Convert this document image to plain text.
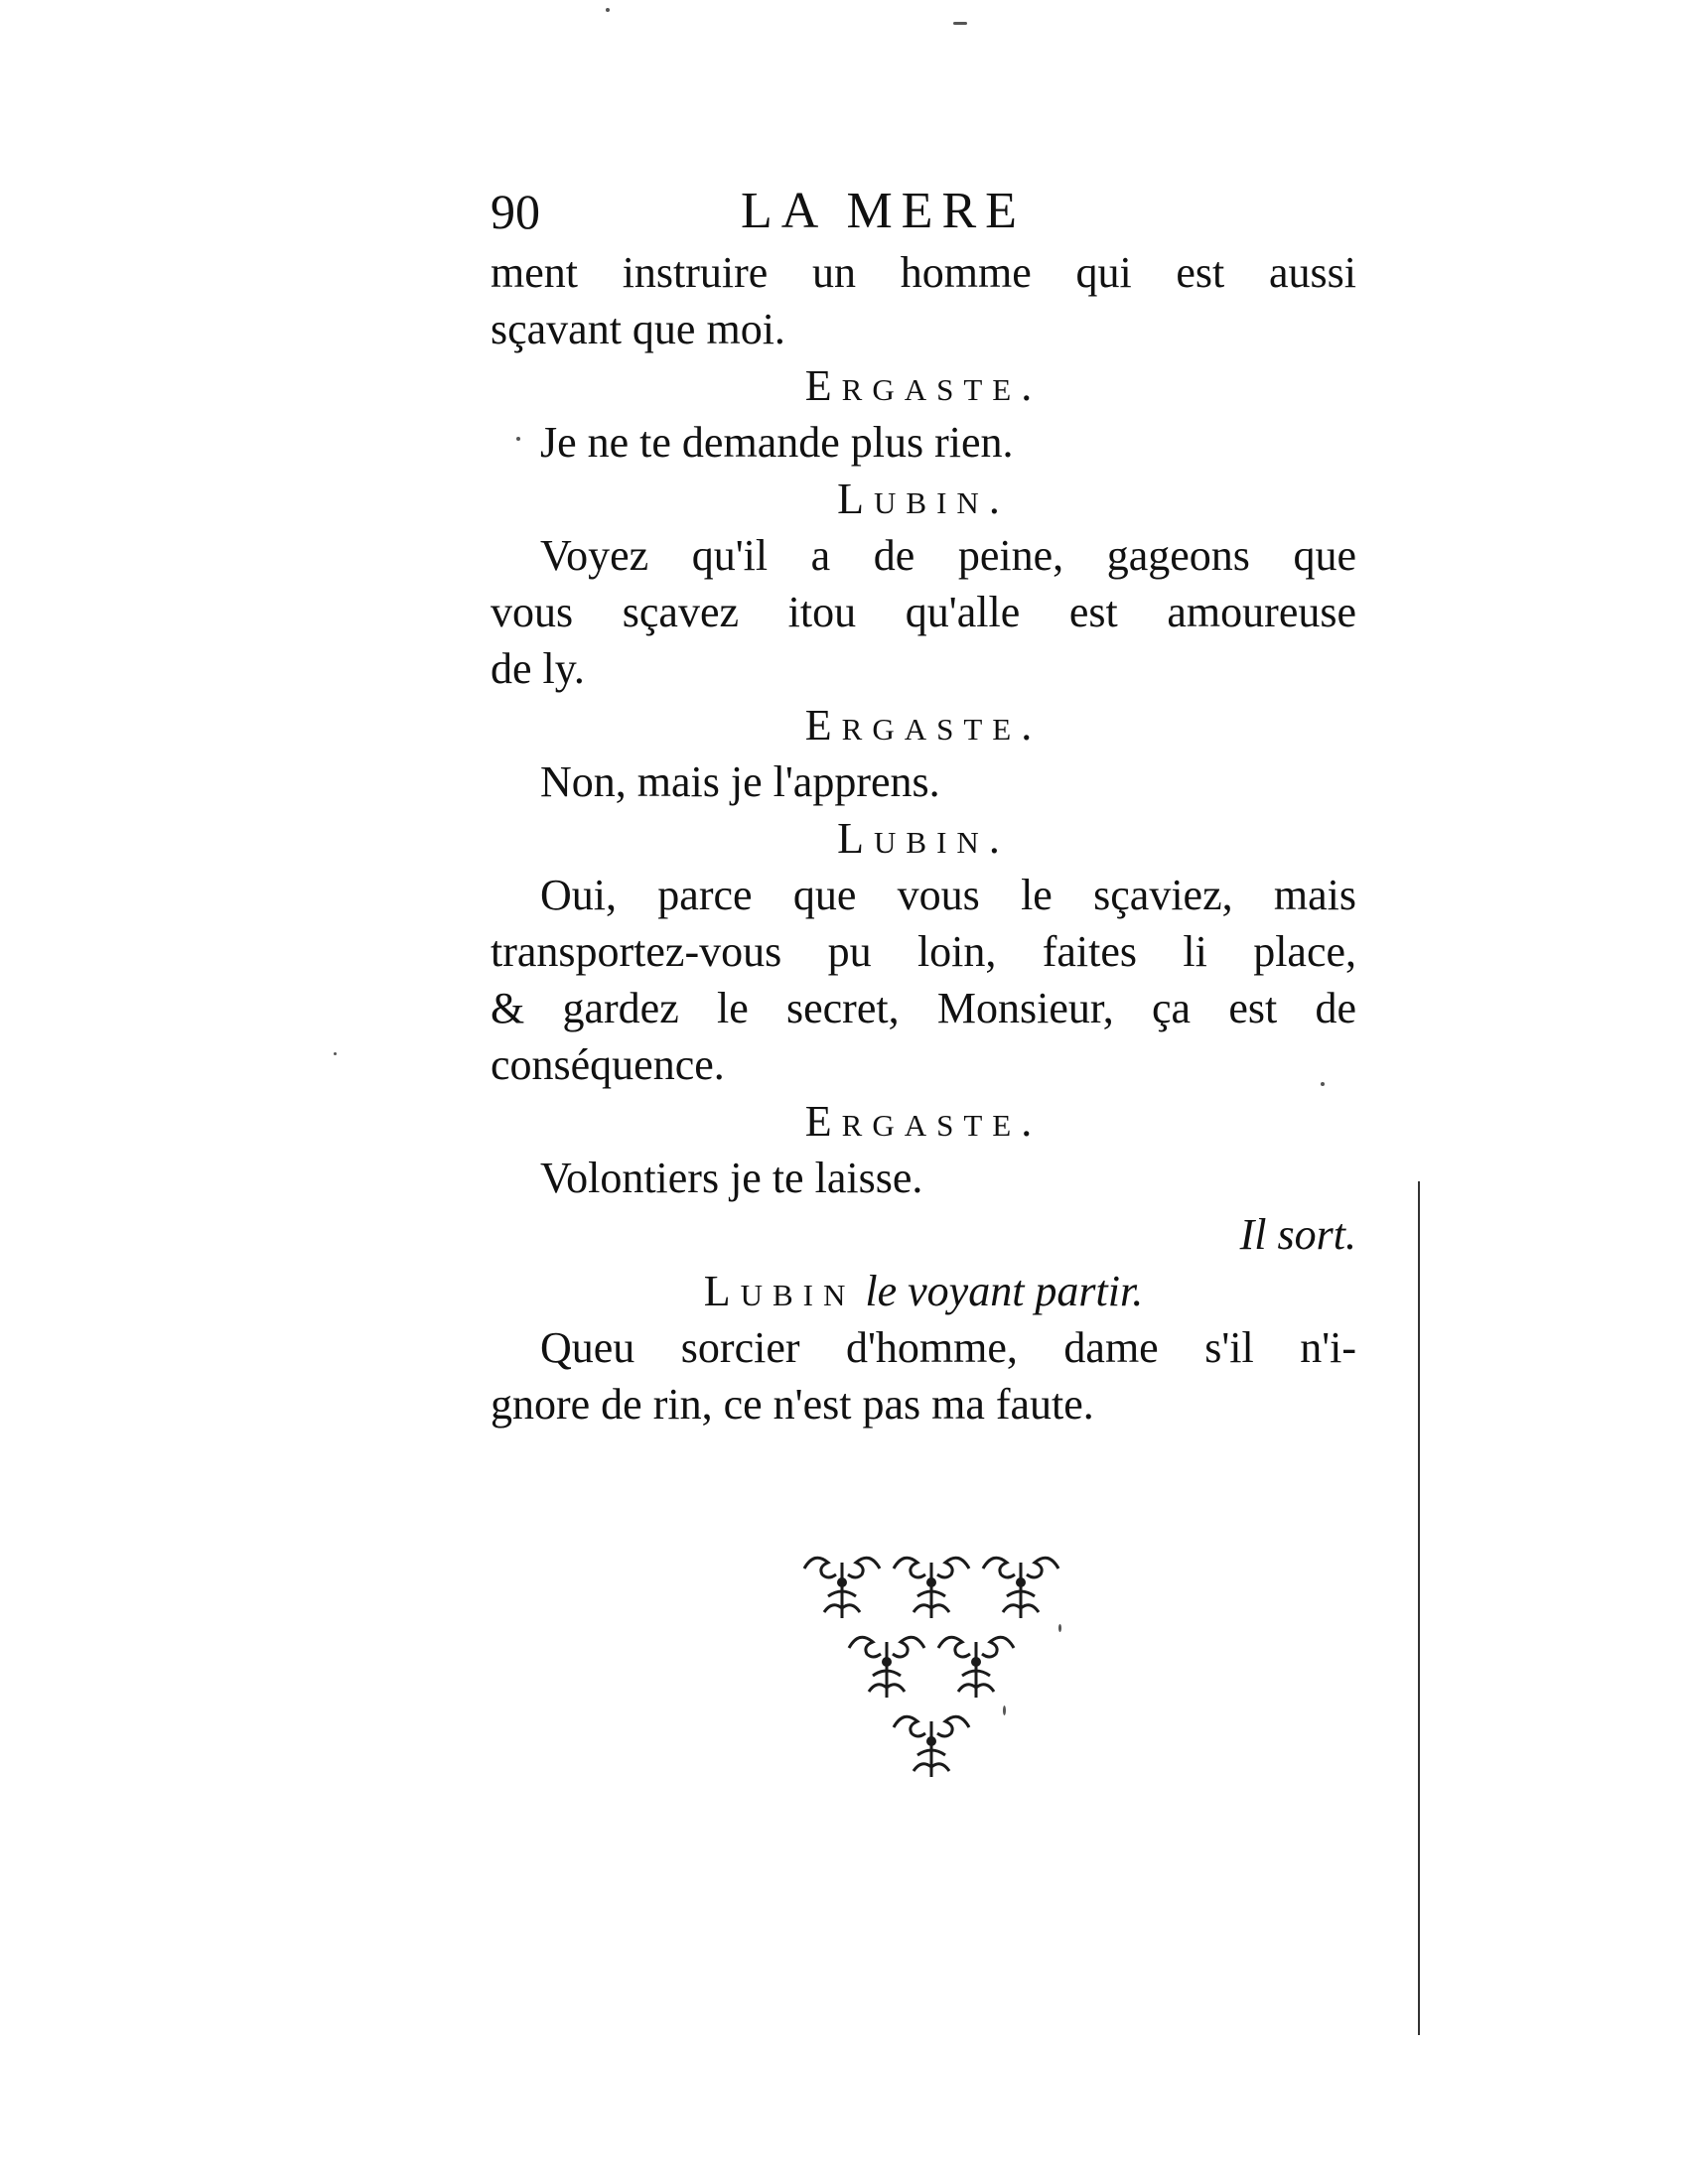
90	LA MERE
ment instruire un homme qui est aussi
sçavant que moi.
Ergaste.
Je ne te demande plus rien.
Lubin.
Voyez qu'il a de peine, gageons que
vous sçavez itou qu'alle est amoureuse
de ly.
Ergaste.
Non, mais je l'apprens.
Lubin.
Oui, parce que vous le sçaviez, mais
transportez-vous pu loin, faites li place,
& gardez le secret, Monsieur, ça est de
conséquence.
Ergaste.
Volontiers je te laisse.
Il sort.
Lubin le voyant partir.
Queu sorcier d'homme, dame s'il n'i-
gnore de rin, ce n'est pas ma faute.
